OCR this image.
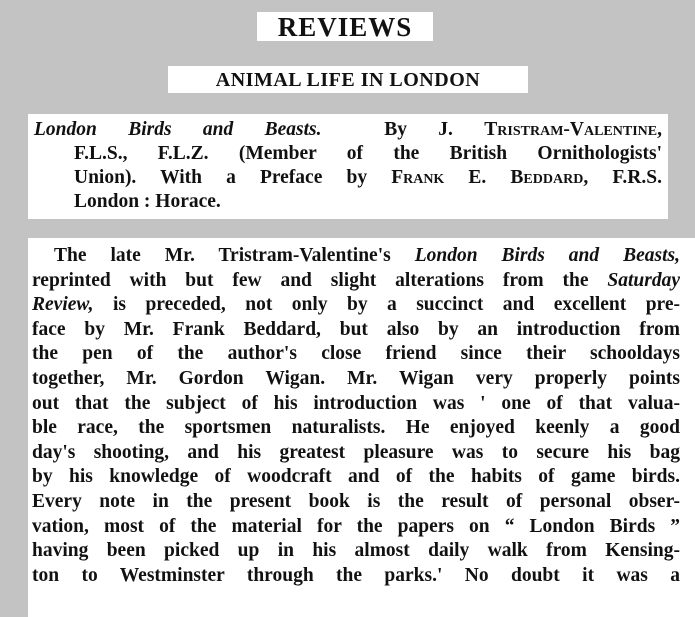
REVIEWS
ANIMAL LIFE IN LONDON
London Birds and Beasts.	By J. Tristram-Valentine,
F.L.S., F.L.Z. (Member of the British Ornithologists'
Union). With a Preface by Frank E. Beddard, F.R.S.
London : Horace.
The late Mr. Tristram-Valentine's London Birds and Beasts,
reprinted with but few and slight alterations from the Saturday
Review, is preceded, not only by a succinct and excellent pre-
face by Mr. Frank Beddard, but also by an introduction from
the pen of the author's close friend since their schooldays
together, Mr. Gordon Wigan. Mr. Wigan very properly points
out that the subject of his introduction was ' one of that valua-
ble race, the sportsmen naturalists. He enjoyed keenly a good
day's shooting, and his greatest pleasure was to secure his bag
by his knowledge of woodcraft and of the habits of game birds.
Every note in the present book is the result of personal obser-
vation, most of the material for the papers on “ London Birds ”
having been picked up in his almost daily walk from Kensing-
ton to Westminster through the parks.' No doubt it was a
